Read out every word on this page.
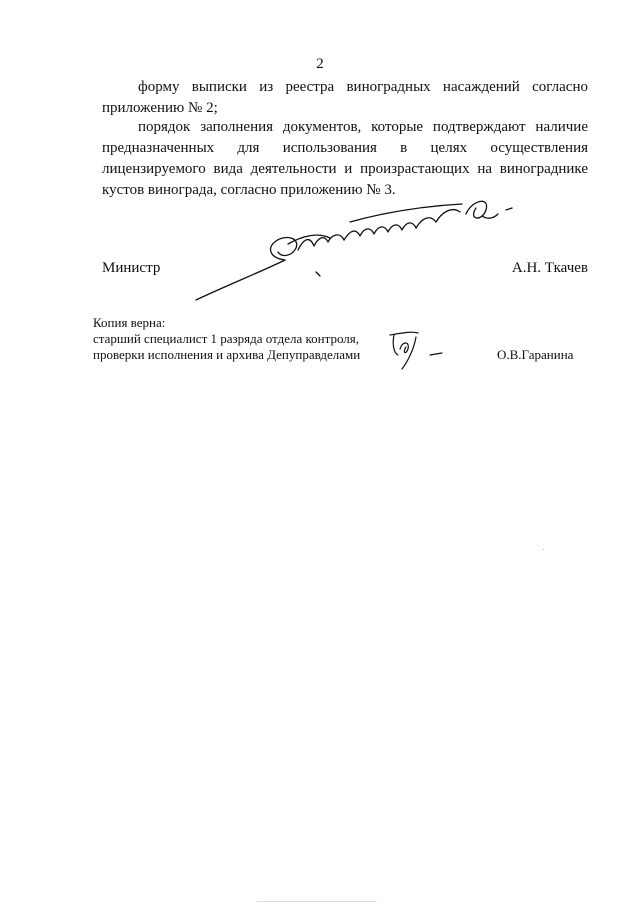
2
форму выписки из реестра виноградных насаждений согласно приложению № 2;
порядок заполнения документов, которые подтверждают наличие предназначенных для использования в целях осуществления лицензируемого вида деятельности и произрастающих на винограднике кустов винограда, согласно приложению № 3.
Министр	А.Н. Ткачев
Копия верна:
старший специалист 1 разряда отдела контроля,
проверки исполнения и архива Депуправделами	О.В.Гаранина
